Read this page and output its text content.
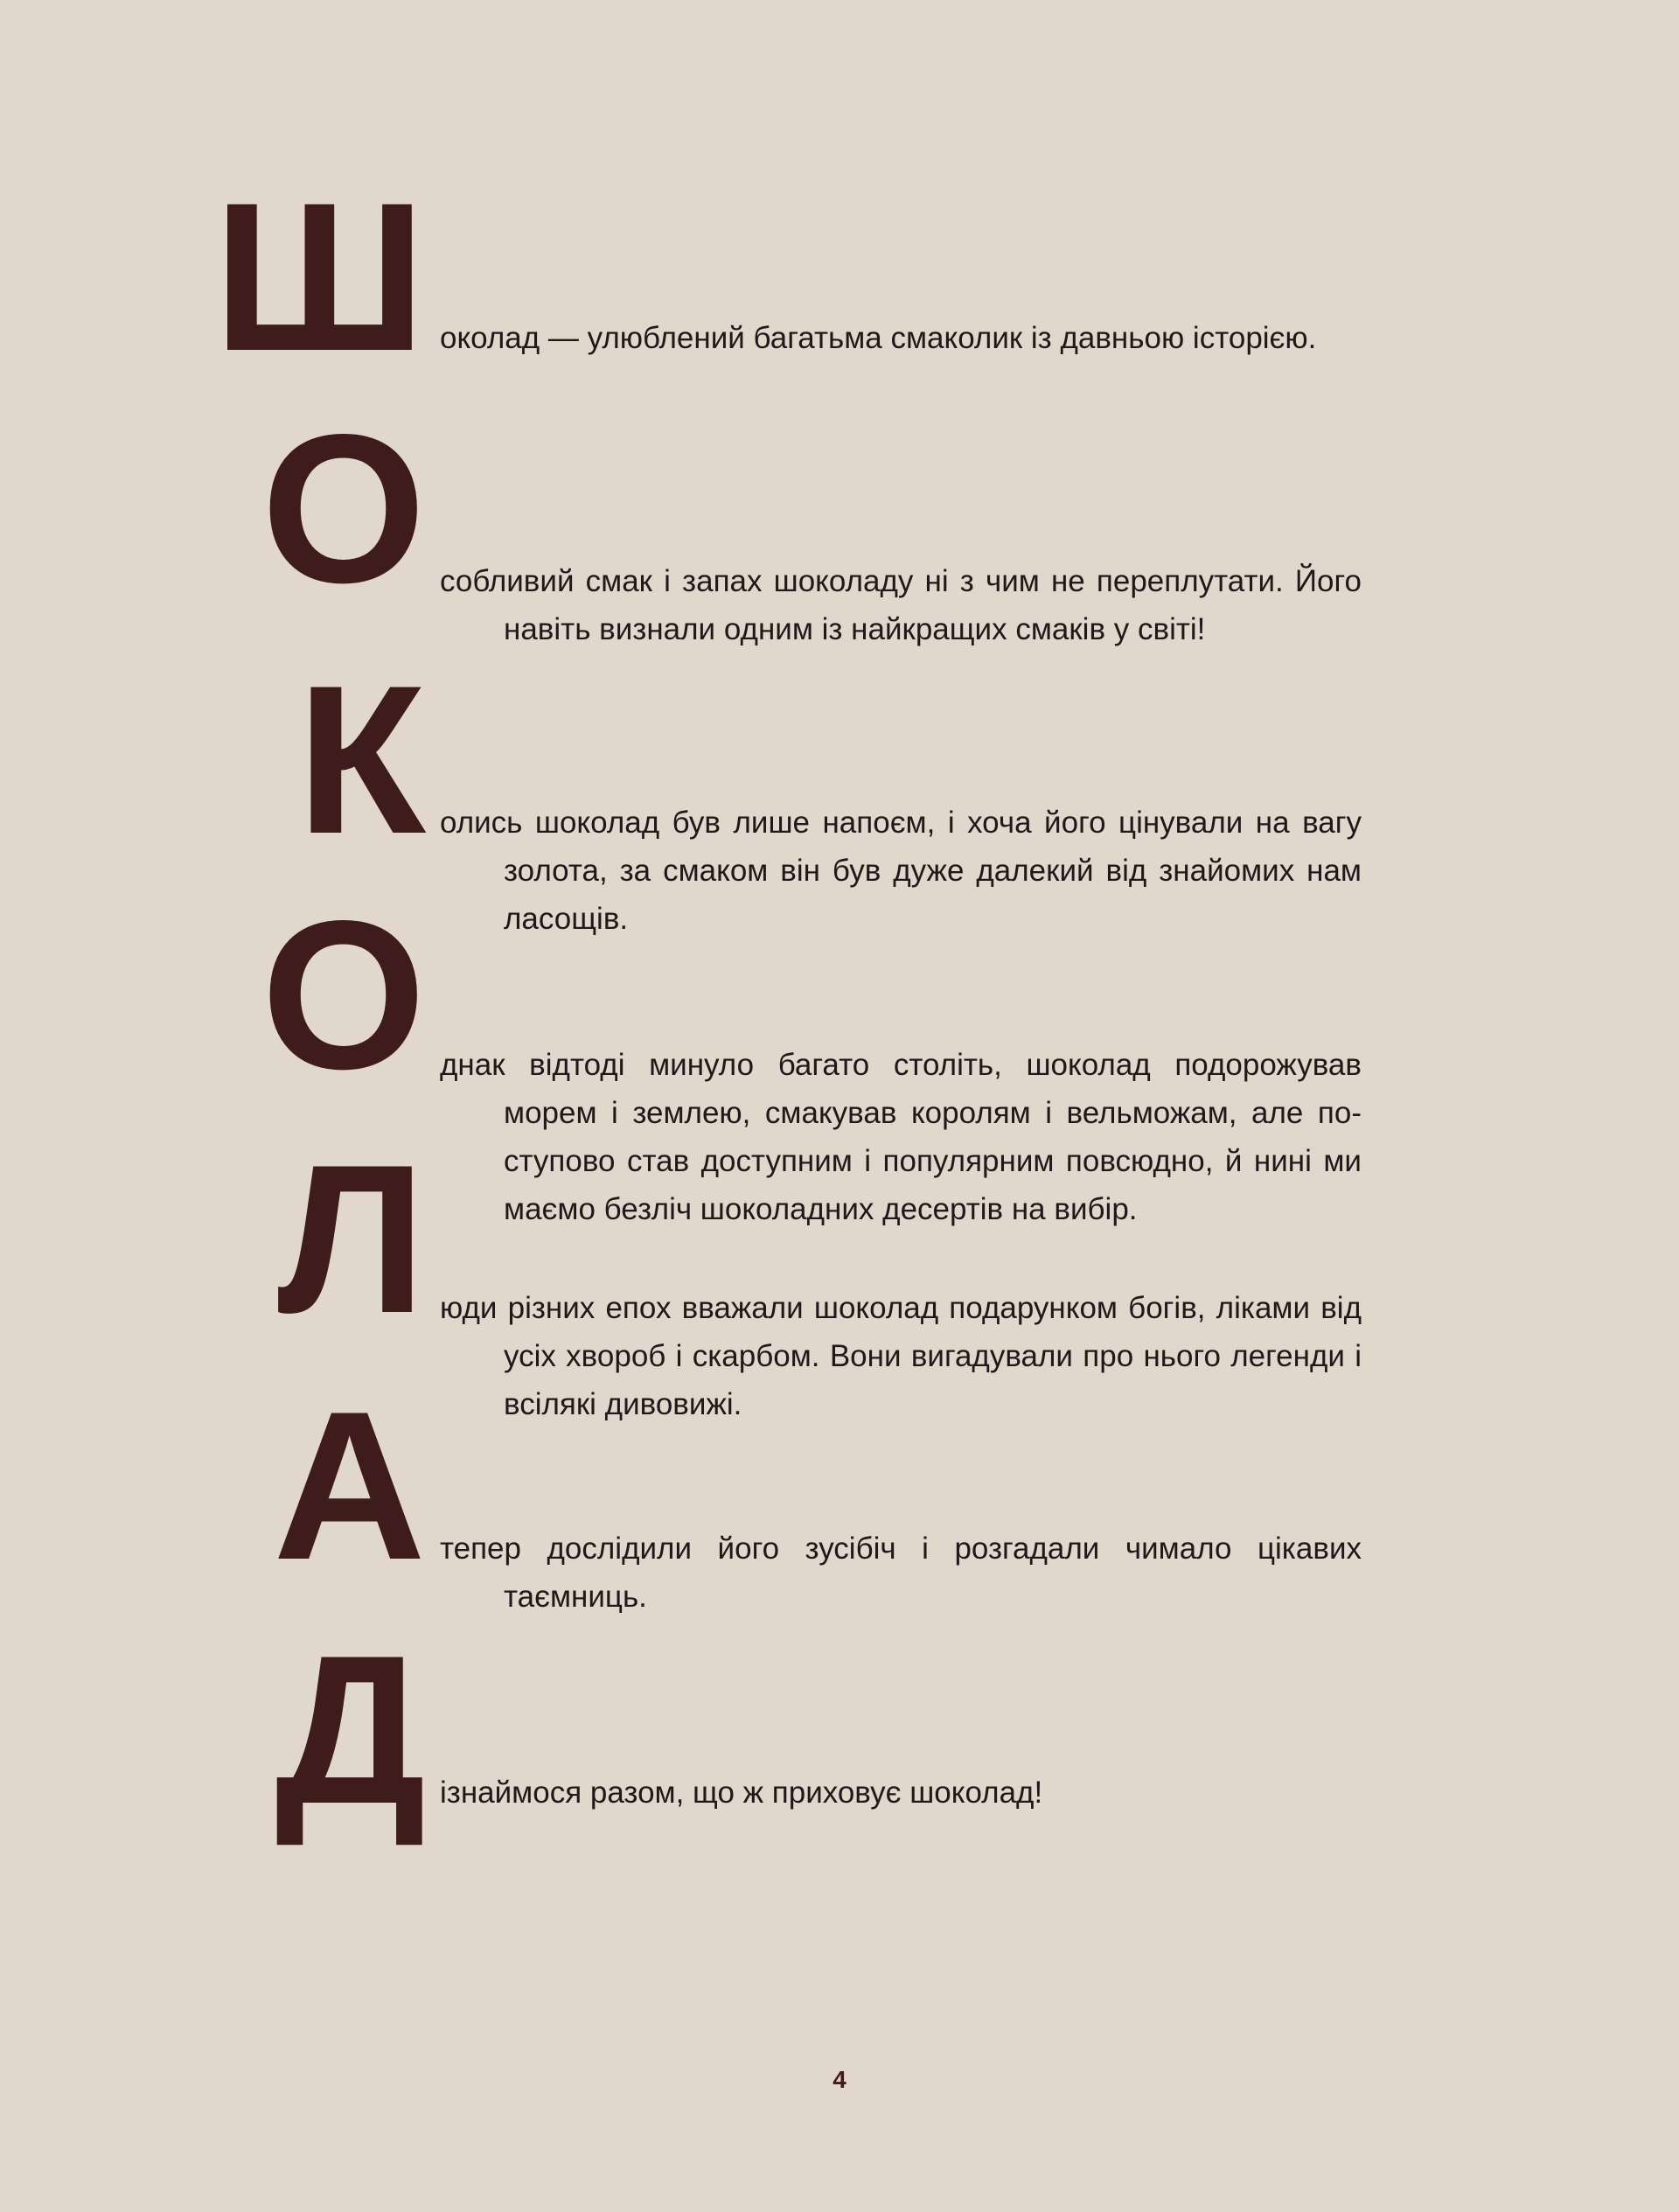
Ш
О
К
О
Л
А
Д
околад — улюблений багатьма смаколик із давньою історією.
собливий смак і запах шоколаду ні з чим не переплутати. Його навіть визнали одним із найкращих смаків у світі!
олись шоколад був лише напоєм, і хоча його цінували на вагу золота, за смаком він був дуже далекий від знайомих нам ласощів.
днак відтоді минуло багато століть, шоколад подорожував морем і землею, смакував королям і вельможам, але поступово став доступним і популярним повсюдно, й нині ми маємо безліч шоколадних десертів на вибір.
юди різних епох вважали шоколад подарунком богів, ліками від усіх хвороб і скарбом. Вони вигадували про нього легенди і всілякі дивовижі.
тепер дослідили його зусібіч і розгадали чимало цікавих таємниць.
ізнаймося разом, що ж приховує шоколад!
4
